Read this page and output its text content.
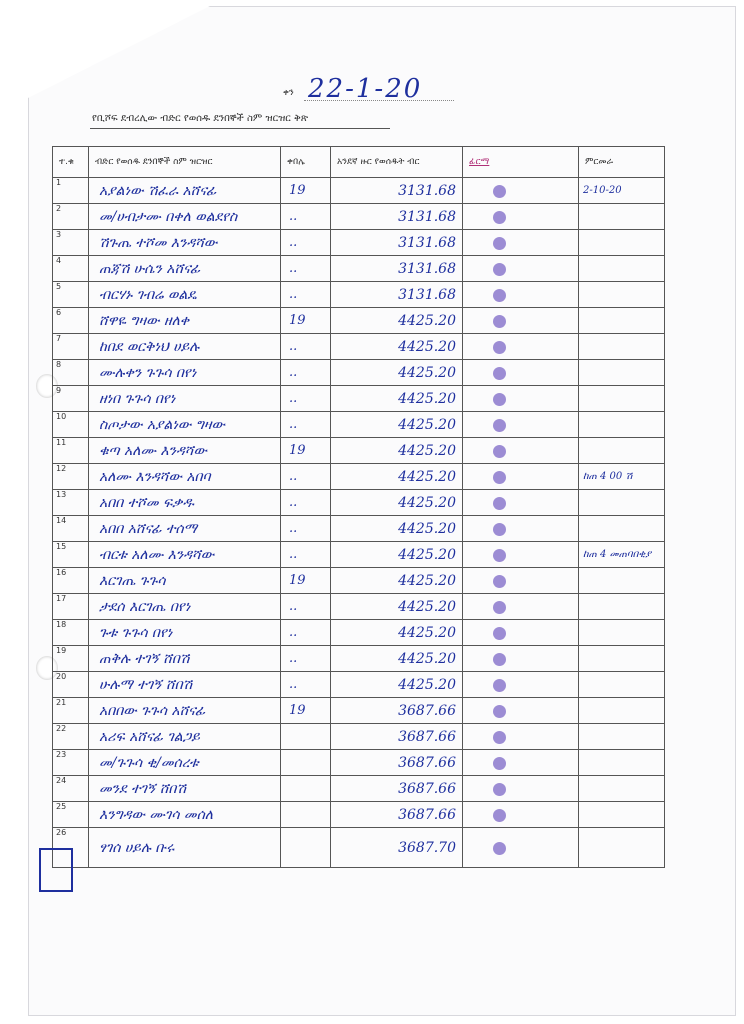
ቀን 22-1-20
የቢሾፍ ደብረሊው ብድር የወሰዱ ደንበኞች ስም ዝርዝር ቅጽ
ተ.ቁ	ብድር የወሰዱ ደንበኞች ስም ዝርዝር	ቀበሌ	አንደኛ ዙር የወሰዱት ብር	ፊርማ	ምርመራ
1	አያልነው ሽፈራ አሸናፊ	19	3131.68		2-10-20
2	መ/ሀብታሙ በቀለ ወልደየስ	..	3131.68		
3	ሽጉጤ ተሾመ እንዳሻው	..	3131.68		
4	ጠጃሽ ሁሴን አሸናፊ	..	3131.68		
5	ብርሃኑ ገብሬ ወልዴ	..	3131.68		
6	ሸዋዬ ግዛው ዘለቀ	19	4425.20		
7	ከበደ ወርቅነህ ሀይሉ	..	4425.20		
8	ሙሉቀን ጉጉሳ በየነ	..	4425.20		
9	ዘነበ ጉጉሳ በየነ	..	4425.20		
10	ስጦታው አያልነው ግዛው	..	4425.20		
11	ቁጣ አለሙ እንዳሻው	19	4425.20		
12	አለሙ እንዳሻው አበባ	..	4425.20		ከጠ 4 00 ሽ
13	አበበ ተሾመ ፍቃዱ	..	4425.20		
14	አበበ አሸናፊ ተሰማ	..	4425.20		
15	ብርቱ አለሙ እንዳሻው	..	4425.20		ከጠ 4 መጠባበቂያ
16	እርገጤ ጉጉሳ	19	4425.20		
17	ታደሰ እርገጤ በየነ	..	4425.20		
18	ጉቱ ጉጉሳ በየነ	..	4425.20		
19	ጠቅሉ ተገኝ ሸበሽ	..	4425.20		
20	ሁሉማ ተገኝ ሸበሽ	..	4425.20		
21	አበበው ጉጉሳ አሸናፊ	19	3687.66		
22	አሪፍ አሸናፊ ገልጋይ		3687.66		
23	መ/ጉጉሳ ቂ/መሰረቱ		3687.66		
24	መንደ ተገኝ ሸበሽ		3687.66		
25	እንግዳው ሙገሳ መሰለ		3687.66		
26	ፃገሰ ሀይሉ ቡሩ		3687.70		
